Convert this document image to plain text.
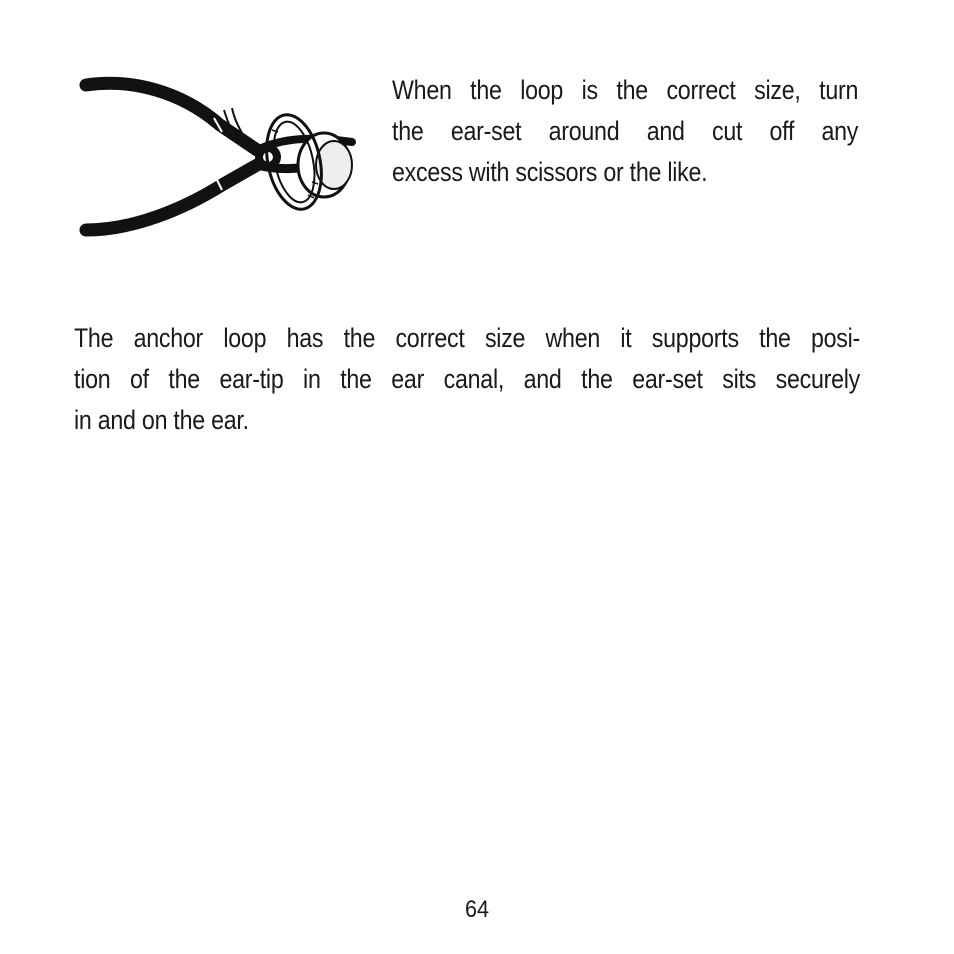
When the loop is the correct size, turn
the ear-set around and cut off any
excess with scissors or the like.
The anchor loop has the correct size when it supports the posi-
tion of the ear-tip in the ear canal, and the ear-set sits securely
in and on the ear.
64
